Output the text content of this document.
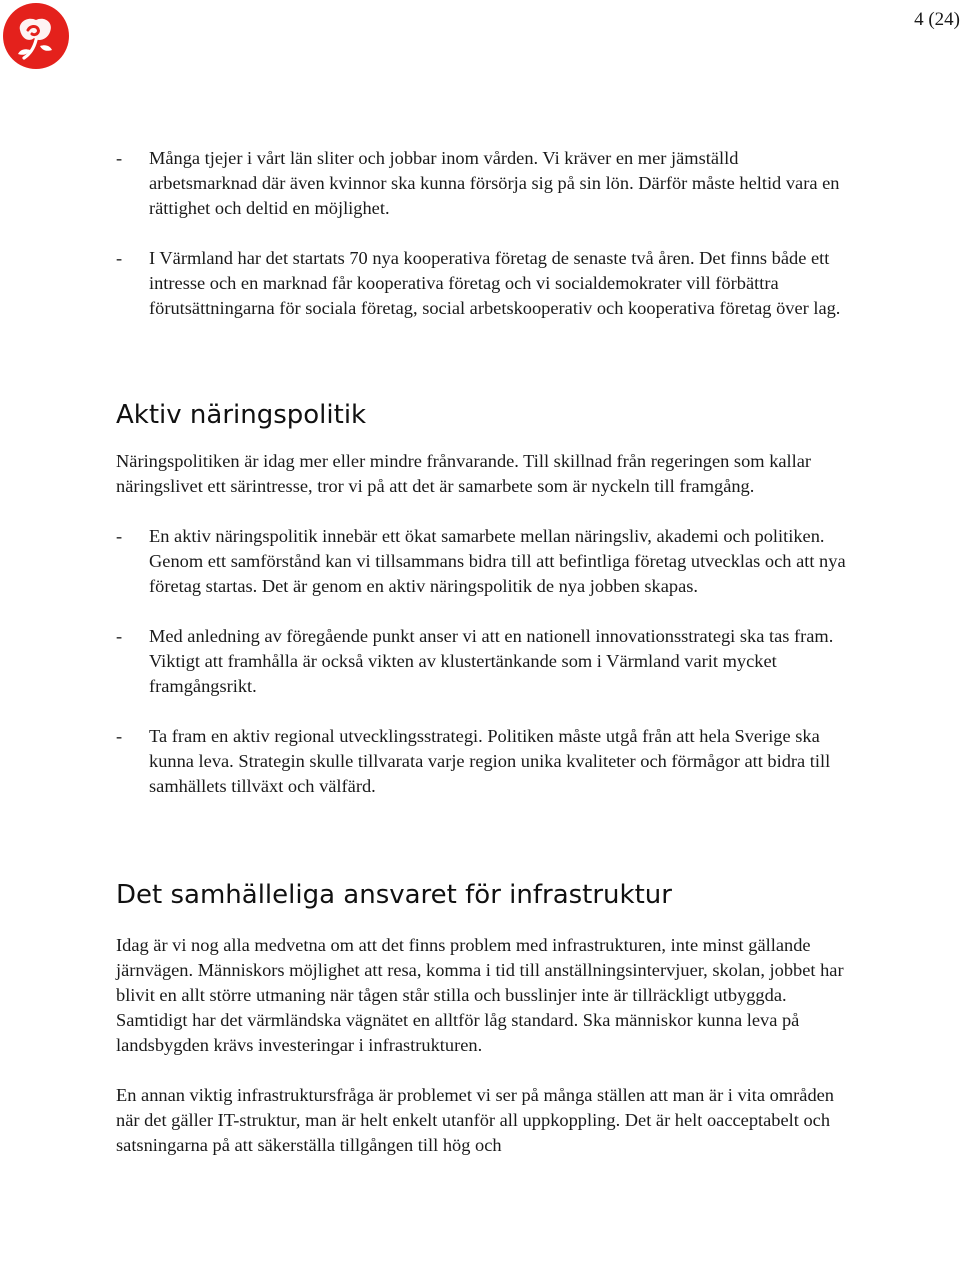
4 (24)
- Många tjejer i vårt län sliter och jobbar inom vården. Vi kräver en mer jämställd arbetsmarknad där även kvinnor ska kunna försörja sig på sin lön. Därför måste heltid vara en rättighet och deltid en möjlighet.

- I Värmland har det startats 70 nya kooperativa företag de senaste två åren. Det finns både ett intresse och en marknad får kooperativa företag och vi socialdemokrater vill förbättra förutsättningarna för sociala företag, social arbetskooperativ och kooperativa företag över lag.

Aktiv näringspolitik

Näringspolitiken är idag mer eller mindre frånvarande. Till skillnad från regeringen som kallar näringslivet ett särintresse, tror vi på att det är samarbete som är nyckeln till framgång.

- En aktiv näringspolitik innebär ett ökat samarbete mellan näringsliv, akademi och politiken. Genom ett samförstånd kan vi tillsammans bidra till att befintliga företag utvecklas och att nya företag startas. Det är genom en aktiv näringspolitik de nya jobben skapas.

- Med anledning av föregående punkt anser vi att en nationell innovationsstrategi ska tas fram. Viktigt att framhålla är också vikten av klustertänkande som i Värmland varit mycket framgångsrikt.

- Ta fram en aktiv regional utvecklingsstrategi. Politiken måste utgå från att hela Sverige ska kunna leva. Strategin skulle tillvarata varje region unika kvaliteter och förmågor att bidra till samhällets tillväxt och välfärd.

Det samhälleliga ansvaret för infrastruktur

Idag är vi nog alla medvetna om att det finns problem med infrastrukturen, inte minst gällande järnvägen. Människors möjlighet att resa, komma i tid till anställningsintervjuer, skolan, jobbet har blivit en allt större utmaning när tågen står stilla och busslinjer inte är tillräckligt utbyggda. Samtidigt har det värmländska vägnätet en alltför låg standard. Ska människor kunna leva på landsbygden krävs investeringar i infrastrukturen.

En annan viktig infrastruktursfråga är problemet vi ser på många ställen att man är i vita områden när det gäller IT-struktur, man är helt enkelt utanför all uppkoppling. Det är helt oacceptabelt och satsningarna på att säkerställa tillgången till hög och
